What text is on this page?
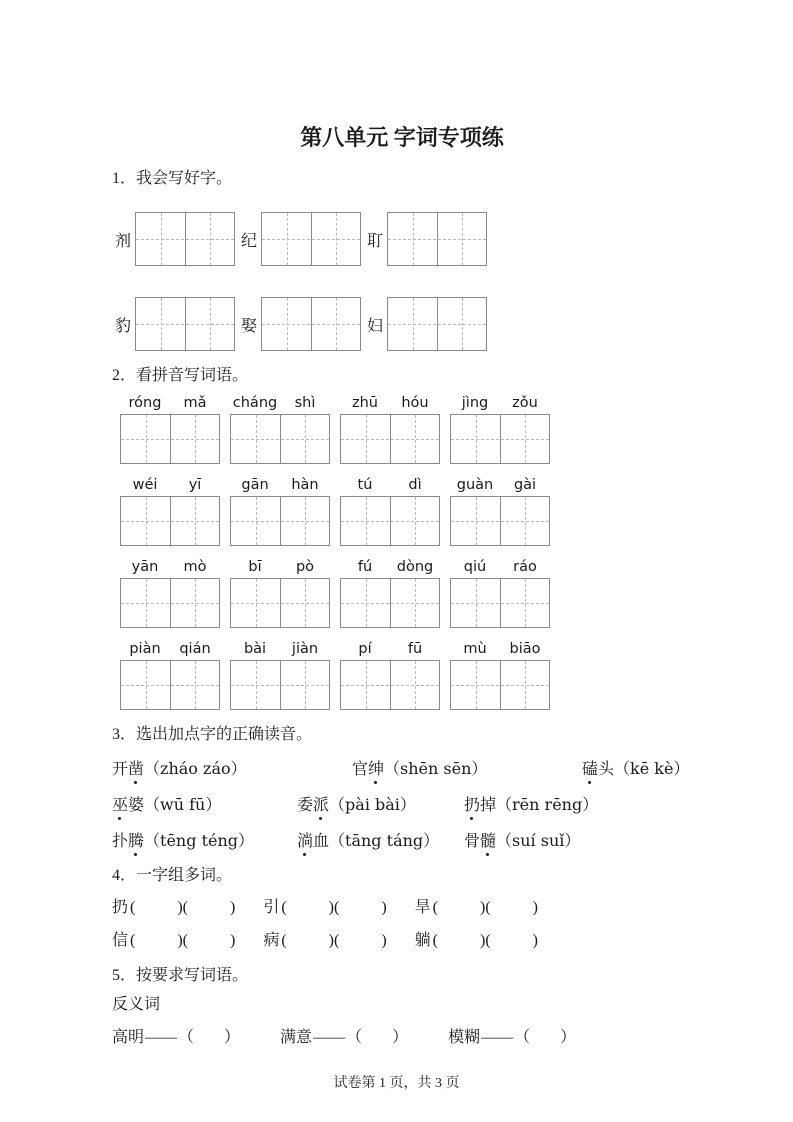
第八单元 字词专项练
1．我会写好字。
剂	纪	耵
豹	娶	妇
2．看拼音写词语。
róng	mǎ	cháng	shì	zhū	hóu	jìng	zǒu
wéi	yī	gān	hàn	tú	dì	guàn	gài
yān	mò	bī	pò	fú	dòng	qiú	ráo
piàn	qián	bài	jiàn	pí	fū	mù	biāo
3．选出加点字的正确读音。
开凿（zháo záo）	官绅（shēn sēn）	磕头（kē kè）
巫婆（wū fū）	委派（pài bài）	扔掉（rēn rēng）
扑腾（tēng téng）	淌血（tāng táng）	骨髓（suí suǐ）
4．一字组多词。
扔 (	) (	) 引 (	) (	) 旱 (	) (	)
信 (	) (	) 病 (	) (	) 躺 (	) (	)
5．按要求写词语。
反义词
高明——（ ）	满意——（ ）	模糊——（ ）
试卷第 1 页，共 3 页
